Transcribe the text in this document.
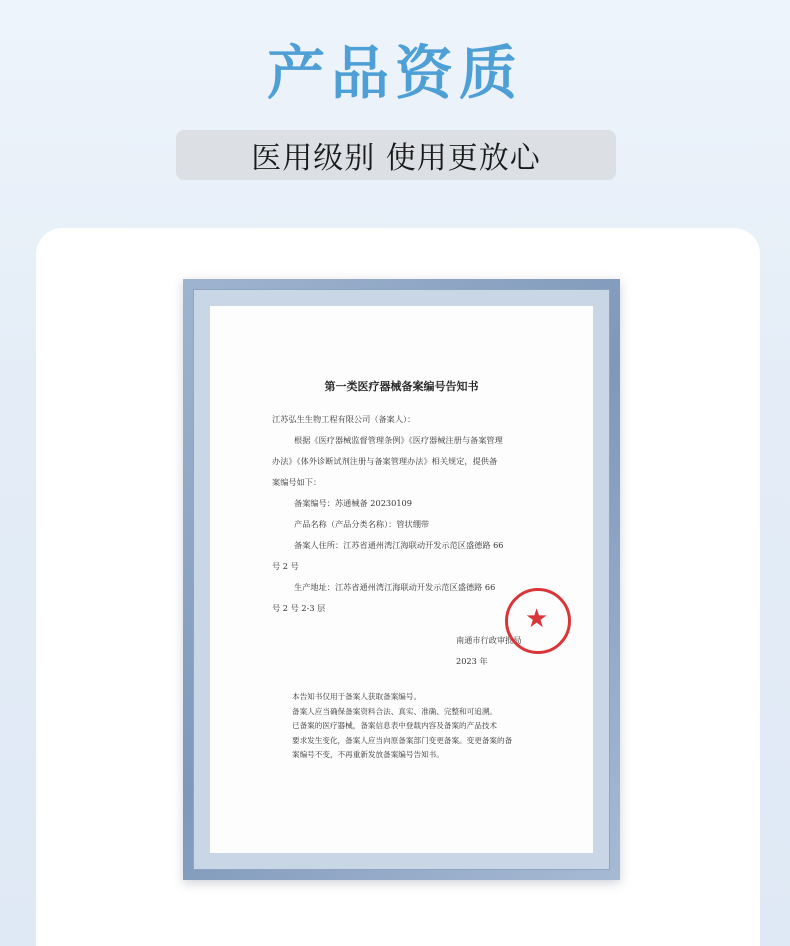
产品资质
医用级别 使用更放心
第一类医疗器械备案编号告知书

江苏弘生生物工程有限公司（备案人）：

根据《医疗器械监督管理条例》《医疗器械注册与备案管理

办法》《体外诊断试剂注册与备案管理办法》相关规定，提供备

案编号如下：

备案编号：苏通械备 20230109

产品名称（产品分类名称）：管状绷带

备案人住所：江苏省通州湾江海联动开发示范区盛德路 66

号 2 号

生产地址：江苏省通州湾江海联动开发示范区盛德路 66

号 2 号 2-3 层

南通市行政审批局

2023 年

★

本告知书仅用于备案人获取备案编号。

备案人应当确保备案资料合法、真实、准确、完整和可追溯。

已备案的医疗器械，备案信息表中登载内容及备案的产品技术

要求发生变化，备案人应当向原备案部门变更备案。变更备案的备

案编号不变，不再重新发放备案编号告知书。
